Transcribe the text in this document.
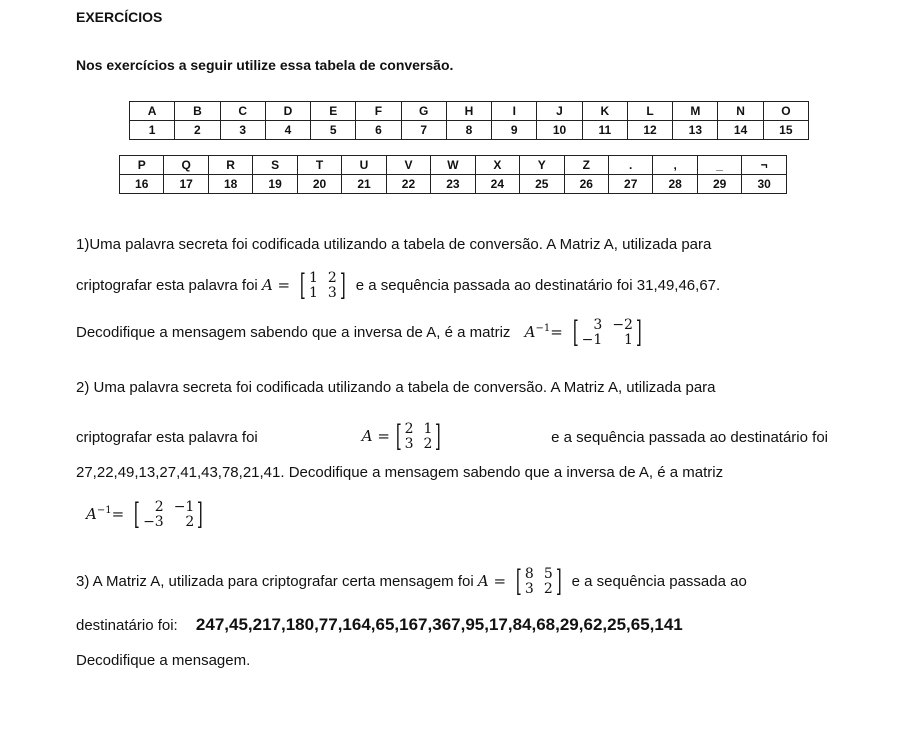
EXERCÍCIOS
Nos exercícios a seguir utilize essa tabela de conversão.
A	B	C	D	E	F	G	H	I	J	K	L	M	N	O
1	2	3	4	5	6	7	8	9	10	11	12	13	14	15
P	Q	R	S	T	U	V	W	X	Y	Z	.	,	_	¬
16	17	18	19	20	21	22	23	24	25	26	27	28	29	30
1)Uma palavra secreta foi codificada utilizando a tabela de conversão. A Matriz A, utilizada para
criptografar esta palavra foi A = [ 1 2
1 3 ] e a sequência passada ao destinatário foi 31,49,46,67.
Decodifique a mensagem sabendo que a inversa de A, é a matriz $A^{-1}=$ [	3 −2
−1	1 ]
2) Uma palavra secreta foi codificada utilizando a tabela de conversão. A Matriz A, utilizada para
criptografar esta palavra foi	A = [ 2 1
3 2 ]	e a sequência passada ao destinatário foi
27,22,49,13,27,41,43,78,21,41. Decodifique a mensagem sabendo que a inversa de A, é a matriz
$A^{-1}=$ [	2 −1
−3	2 ]
3) A Matriz A, utilizada para criptografar certa mensagem foi A = [ 8 5
3 2 ] e a sequência passada ao
destinatário foi: 247,45,217,180,77,164,65,167,367,95,17,84,68,29,62,25,65,141
Decodifique a mensagem.
